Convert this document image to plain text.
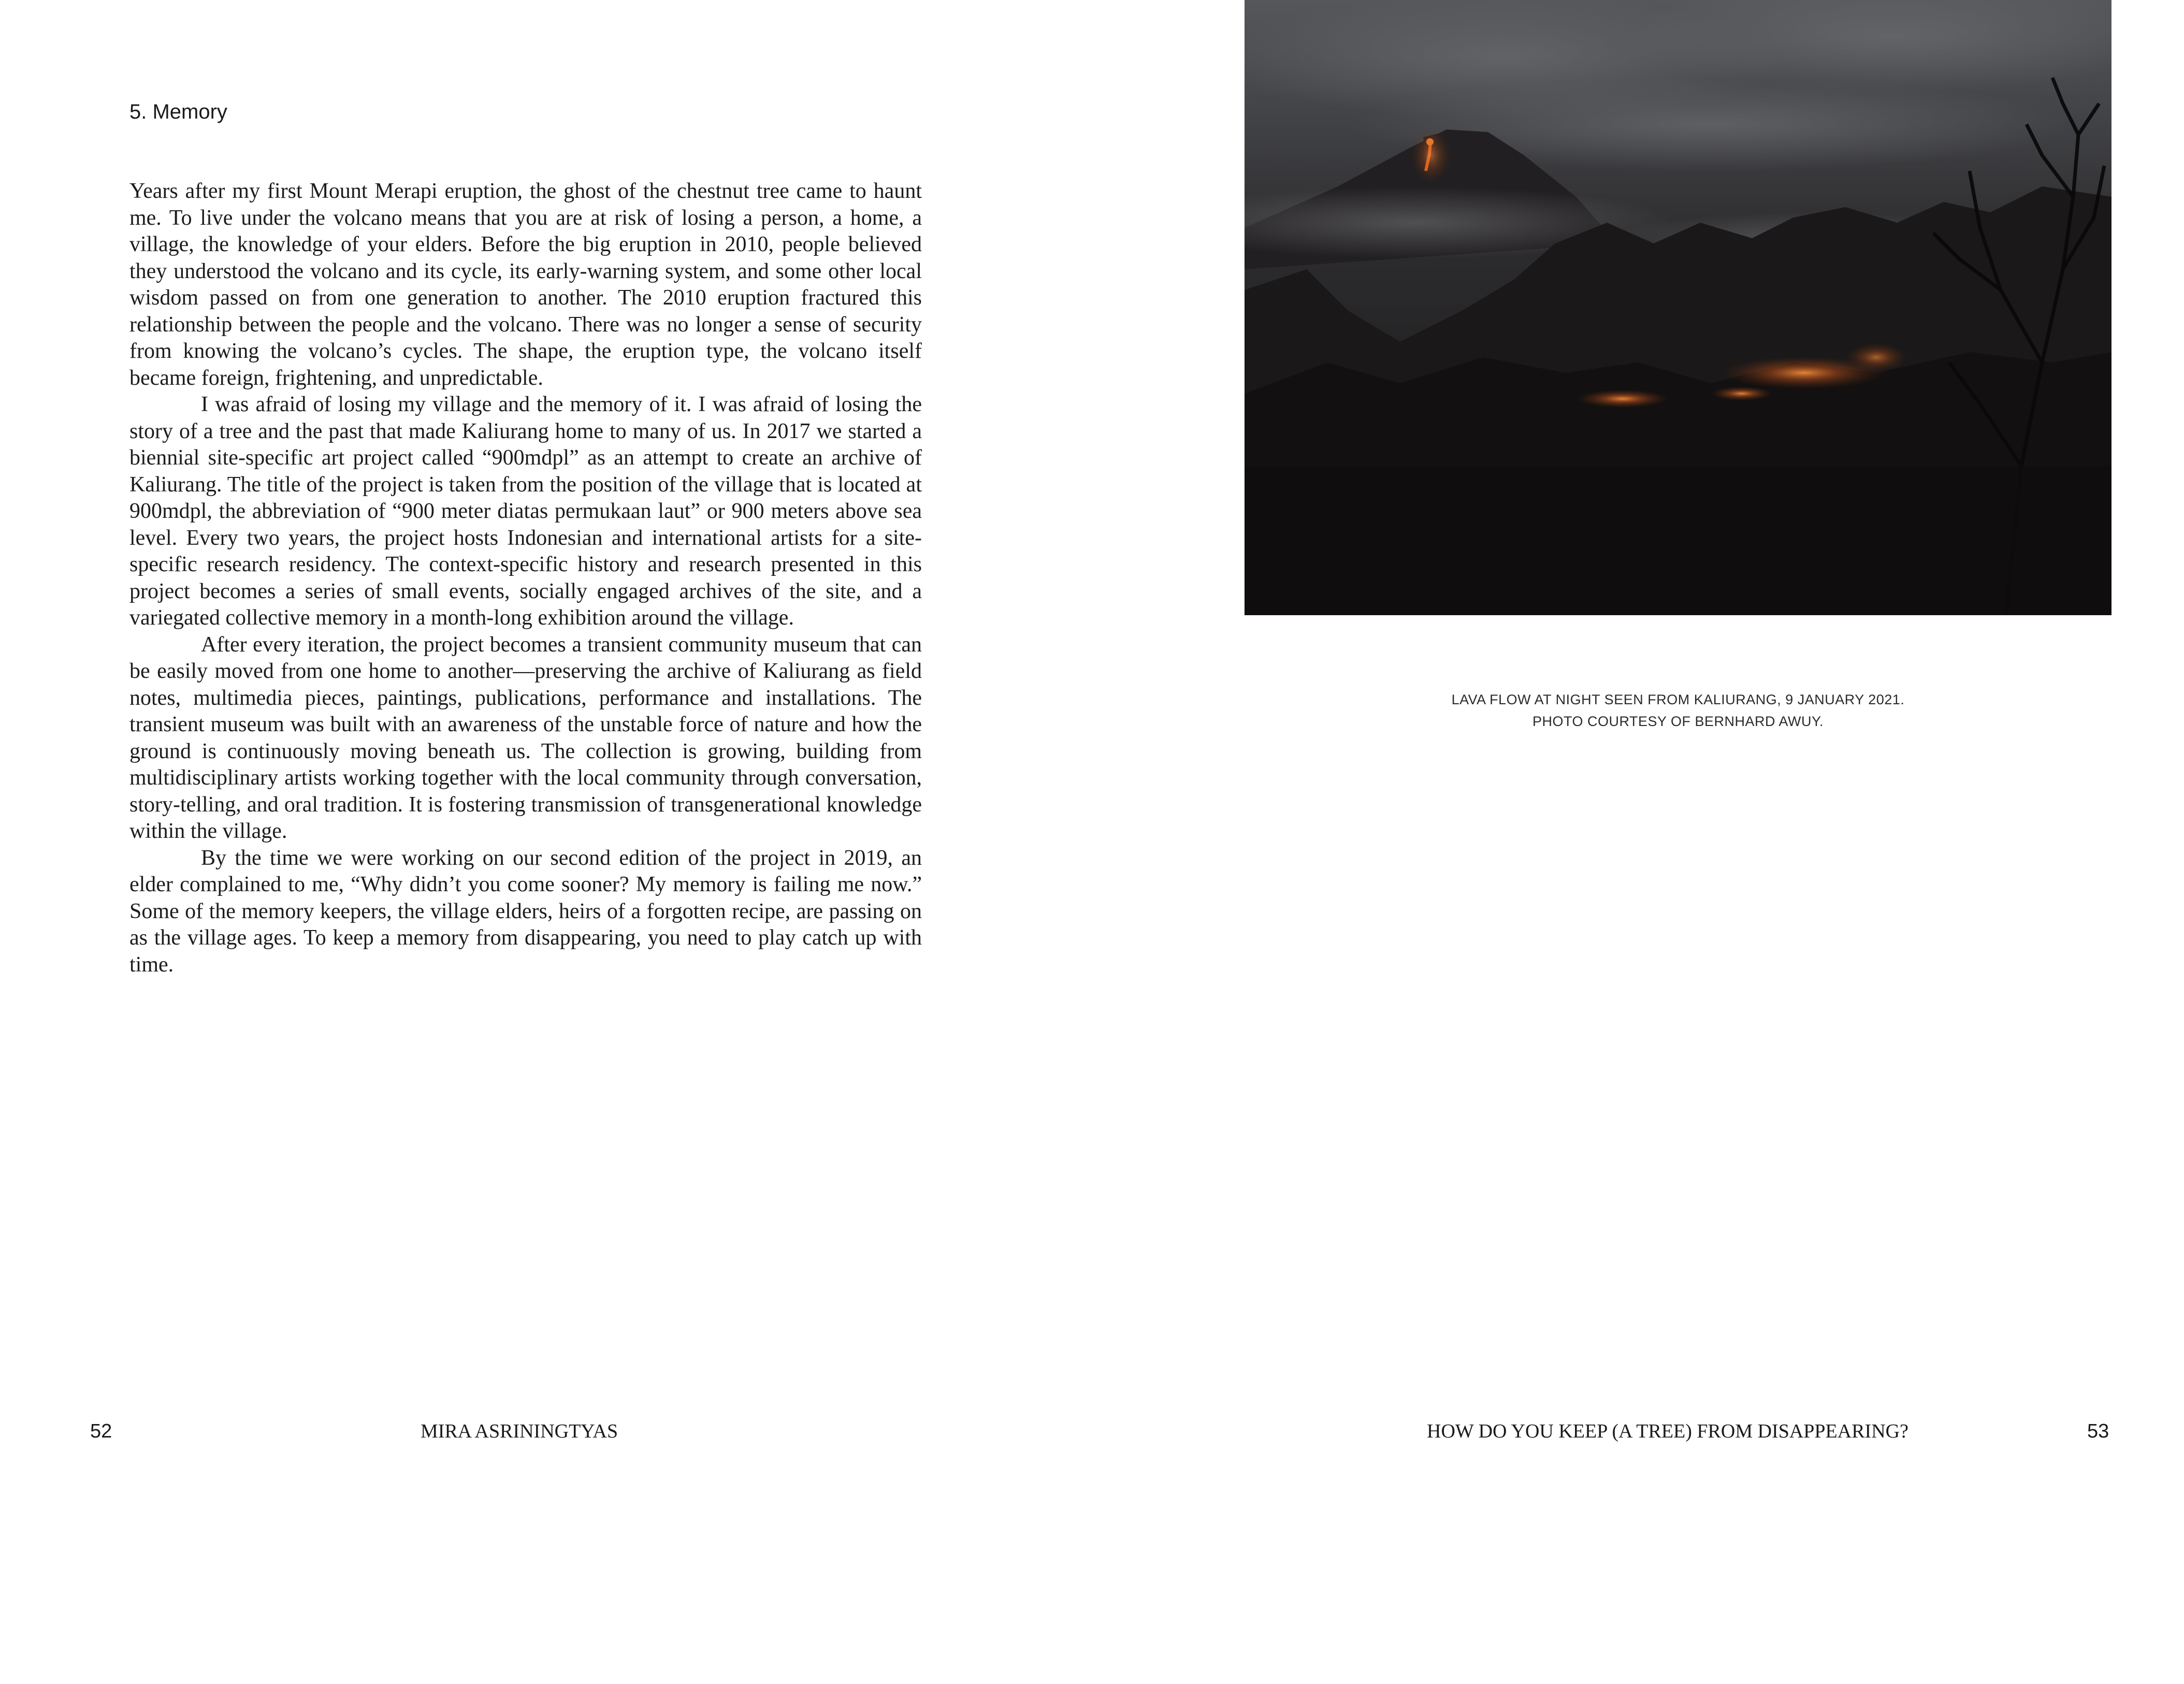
5. Memory

Years after my first Mount Merapi eruption, the ghost of the chestnut tree came to haunt me. To live under the volcano means that you are at risk of losing a person, a home, a village, the knowledge of your elders. Before the big eruption in 2010, people believed they understood the volcano and its cycle, its early-warning system, and some other local wisdom passed on from one generation to another. The 2010 eruption fractured this relationship between the people and the volcano. There was no longer a sense of security from knowing the volcano’s cycles. The shape, the eruption type, the volcano itself became foreign, frightening, and unpredictable.

I was afraid of losing my village and the memory of it. I was afraid of losing the story of a tree and the past that made Kaliurang home to many of us. In 2017 we started a biennial site-specific art project called “900mdpl” as an attempt to create an archive of Kaliurang. The title of the project is taken from the position of the village that is located at 900mdpl, the abbreviation of “900 meter diatas permukaan laut” or 900 meters above sea level. Every two years, the project hosts Indonesian and international artists for a site-specific research residency. The context-specific history and research presented in this project becomes a series of small events, socially engaged archives of the site, and a variegated collective memory in a month-long exhibition around the village.

After every iteration, the project becomes a transient community museum that can be easily moved from one home to another—preserving the archive of Kaliurang as field notes, multimedia pieces, paintings, publications, performance and installations. The transient museum was built with an awareness of the unstable force of nature and how the ground is continuously moving beneath us. The collection is growing, building from multidisciplinary artists working together with the local community through conversation, story-telling, and oral tradition. It is fostering transmission of transgenerational knowledge within the village.

By the time we were working on our second edition of the project in 2019, an elder complained to me, “Why didn’t you come sooner? My memory is failing me now.” Some of the memory keepers, the village elders, heirs of a forgotten recipe, are passing on as the village ages. To keep a memory from disappearing, you need to play catch up with time.

LAVA FLOW AT NIGHT SEEN FROM KALIURANG, 9 JANUARY 2021.
PHOTO COURTESY OF BERNHARD AWUY.
52	MIRA ASRININGTYAS	HOW DO YOU KEEP (A TREE) FROM DISAPPEARING?	53
